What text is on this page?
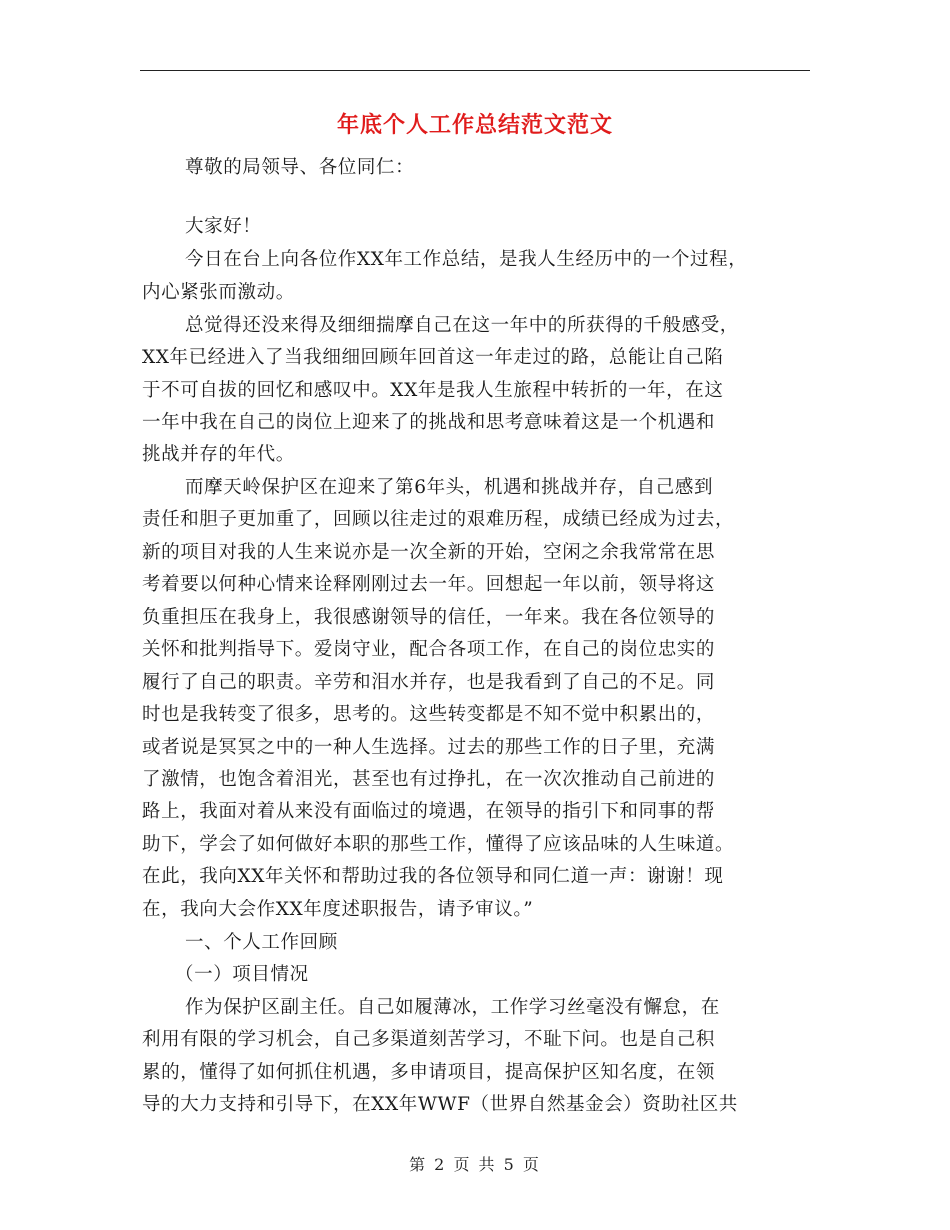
年底个人工作总结范文范文
尊敬的局领导、各位同仁：
大家好！
今日在台上向各位作XX年工作总结，是我人生经历中的一个过程，
内心紧张而激动。
总觉得还没来得及细细揣摩自己在这一年中的所获得的千般感受，
XX年已经进入了当我细细回顾年回首这一年走过的路，总能让自己陷
于不可自拔的回忆和感叹中。XX年是我人生旅程中转折的一年，在这
一年中我在自己的岗位上迎来了的挑战和思考意味着这是一个机遇和
挑战并存的年代。
而摩天岭保护区在迎来了第6年头，机遇和挑战并存，自己感到
责任和胆子更加重了，回顾以往走过的艰难历程，成绩已经成为过去，
新的项目对我的人生来说亦是一次全新的开始，空闲之余我常常在思
考着要以何种心情来诠释刚刚过去一年。回想起一年以前，领导将这
负重担压在我身上，我很感谢领导的信任，一年来。我在各位领导的
关怀和批判指导下。爱岗守业，配合各项工作，在自己的岗位忠实的
履行了自己的职责。辛劳和泪水并存，也是我看到了自己的不足。同
时也是我转变了很多，思考的。这些转变都是不知不觉中积累出的，
或者说是冥冥之中的一种人生选择。过去的那些工作的日子里，充满
了激情，也饱含着泪光，甚至也有过挣扎，在一次次推动自己前进的
路上，我面对着从来没有面临过的境遇，在领导的指引下和同事的帮
助下，学会了如何做好本职的那些工作，懂得了应该品味的人生味道。
在此，我向XX年关怀和帮助过我的各位领导和同仁道一声：谢谢！现
在，我向大会作XX年度述职报告，请予审议。”
一、个人工作回顾
（一）项目情况
作为保护区副主任。自己如履薄冰，工作学习丝毫没有懈怠，在
利用有限的学习机会，自己多渠道刻苦学习，不耻下问。也是自己积
累的，懂得了如何抓住机遇，多申请项目，提高保护区知名度，在领
导的大力支持和引导下，在XX年WWF（世界自然基金会）资助社区共
第 2 页 共 5 页
